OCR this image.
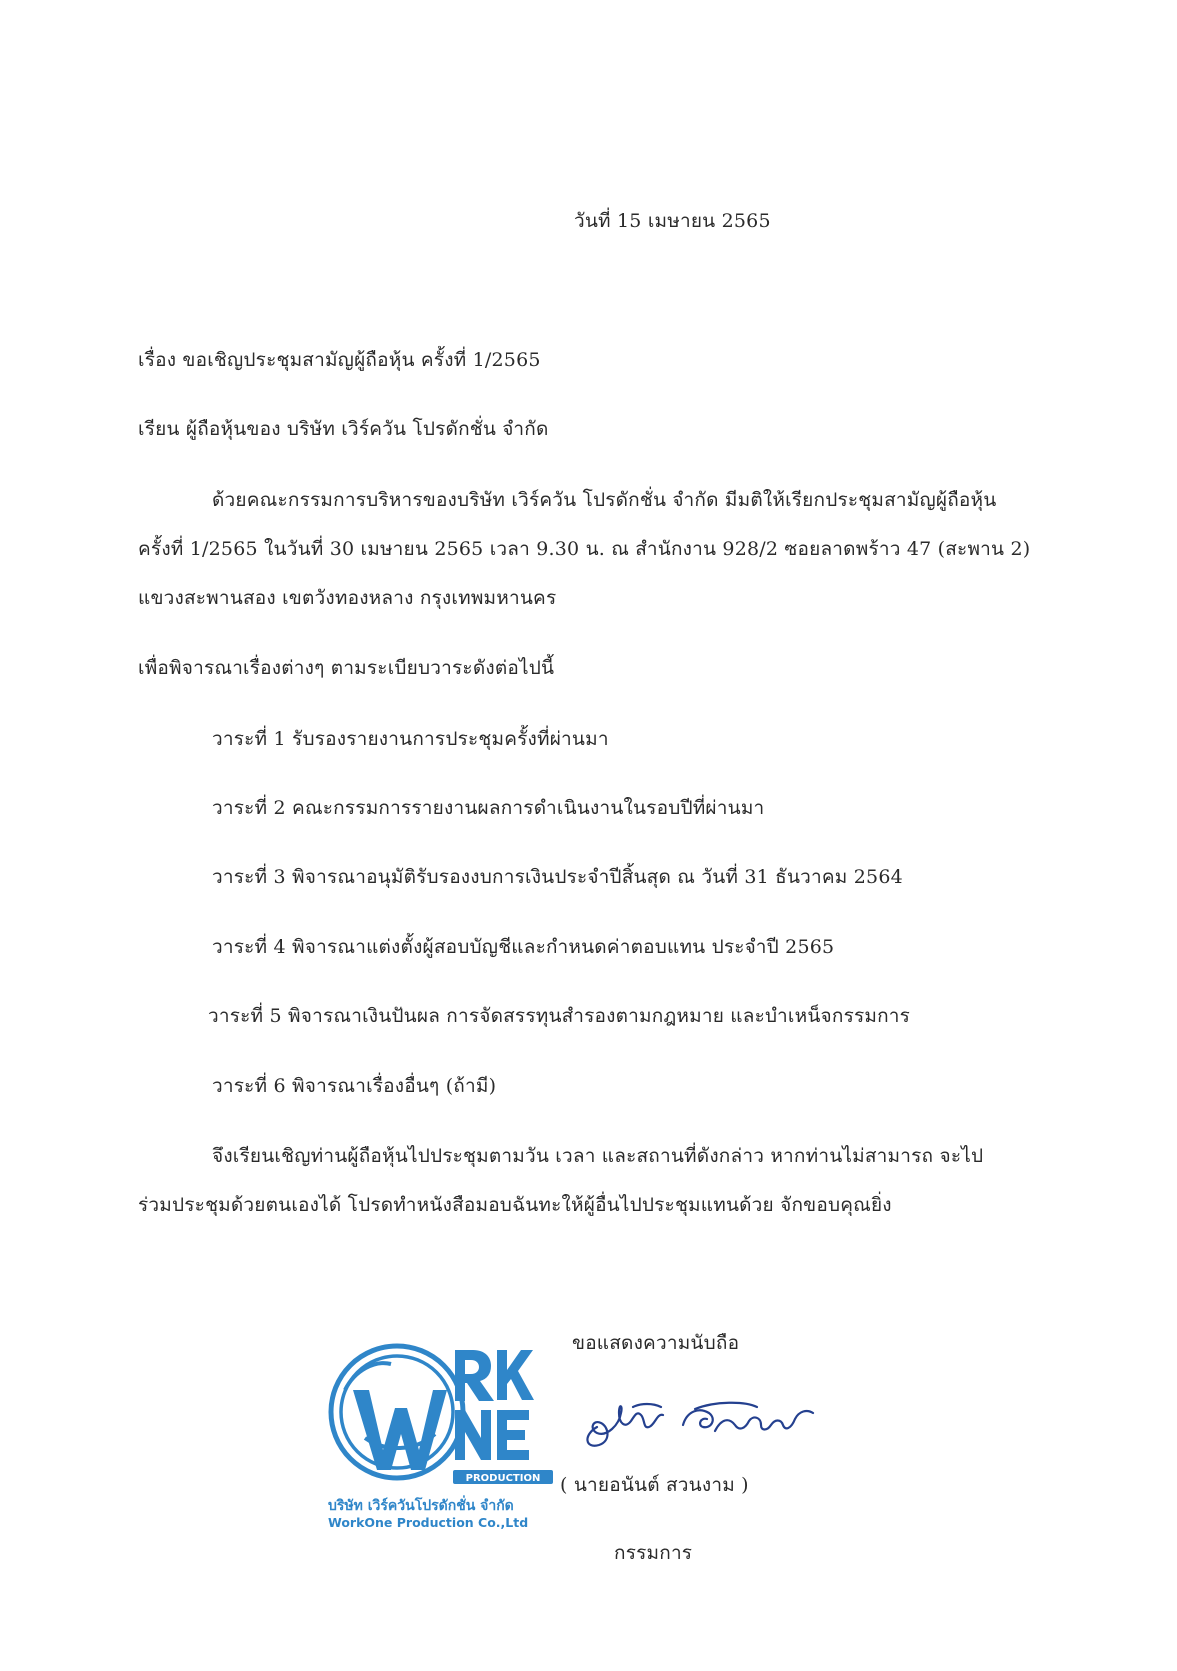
วันที่ 15 เมษายน 2565
เรื่อง ขอเชิญประชุมสามัญผู้ถือหุ้น ครั้งที่ 1/2565
เรียน ผู้ถือหุ้นของ บริษัท เวิร์ควัน โปรดักชั่น จำกัด
ด้วยคณะกรรมการบริหารของบริษัท เวิร์ควัน โปรดักชั่น จำกัด มีมติให้เรียกประชุมสามัญผู้ถือหุ้น
ครั้งที่ 1/2565 ในวันที่ 30 เมษายน 2565 เวลา 9.30 น. ณ สำนักงาน 928/2 ซอยลาดพร้าว 47 (สะพาน 2)
แขวงสะพานสอง เขตวังทองหลาง กรุงเทพมหานคร
เพื่อพิจารณาเรื่องต่างๆ ตามระเบียบวาระดังต่อไปนี้
วาระที่ 1 รับรองรายงานการประชุมครั้งที่ผ่านมา
วาระที่ 2 คณะกรรมการรายงานผลการดำเนินงานในรอบปีที่ผ่านมา
วาระที่ 3 พิจารณาอนุมัติรับรองงบการเงินประจำปีสิ้นสุด ณ วันที่ 31 ธันวาคม 2564
วาระที่ 4 พิจารณาแต่งตั้งผู้สอบบัญชีและกำหนดค่าตอบแทน ประจำปี 2565
วาระที่ 5 พิจารณาเงินปันผล การจัดสรรทุนสำรองตามกฎหมาย และบำเหน็จกรรมการ
วาระที่ 6 พิจารณาเรื่องอื่นๆ (ถ้ามี)
จึงเรียนเชิญท่านผู้ถือหุ้นไปประชุมตามวัน เวลา และสถานที่ดังกล่าว หากท่านไม่สามารถ จะไป
ร่วมประชุมด้วยตนเองได้ โปรดทำหนังสือมอบฉันทะให้ผู้อื่นไปประชุมแทนด้วย จักขอบคุณยิ่ง
ขอแสดงความนับถือ
( นายอนันต์ สวนงาม )
กรรมการ
PRODUCTION
บริษัท เวิร์ควันโปรดักชั่น จำกัด
WorkOne Production Co.,Ltd
